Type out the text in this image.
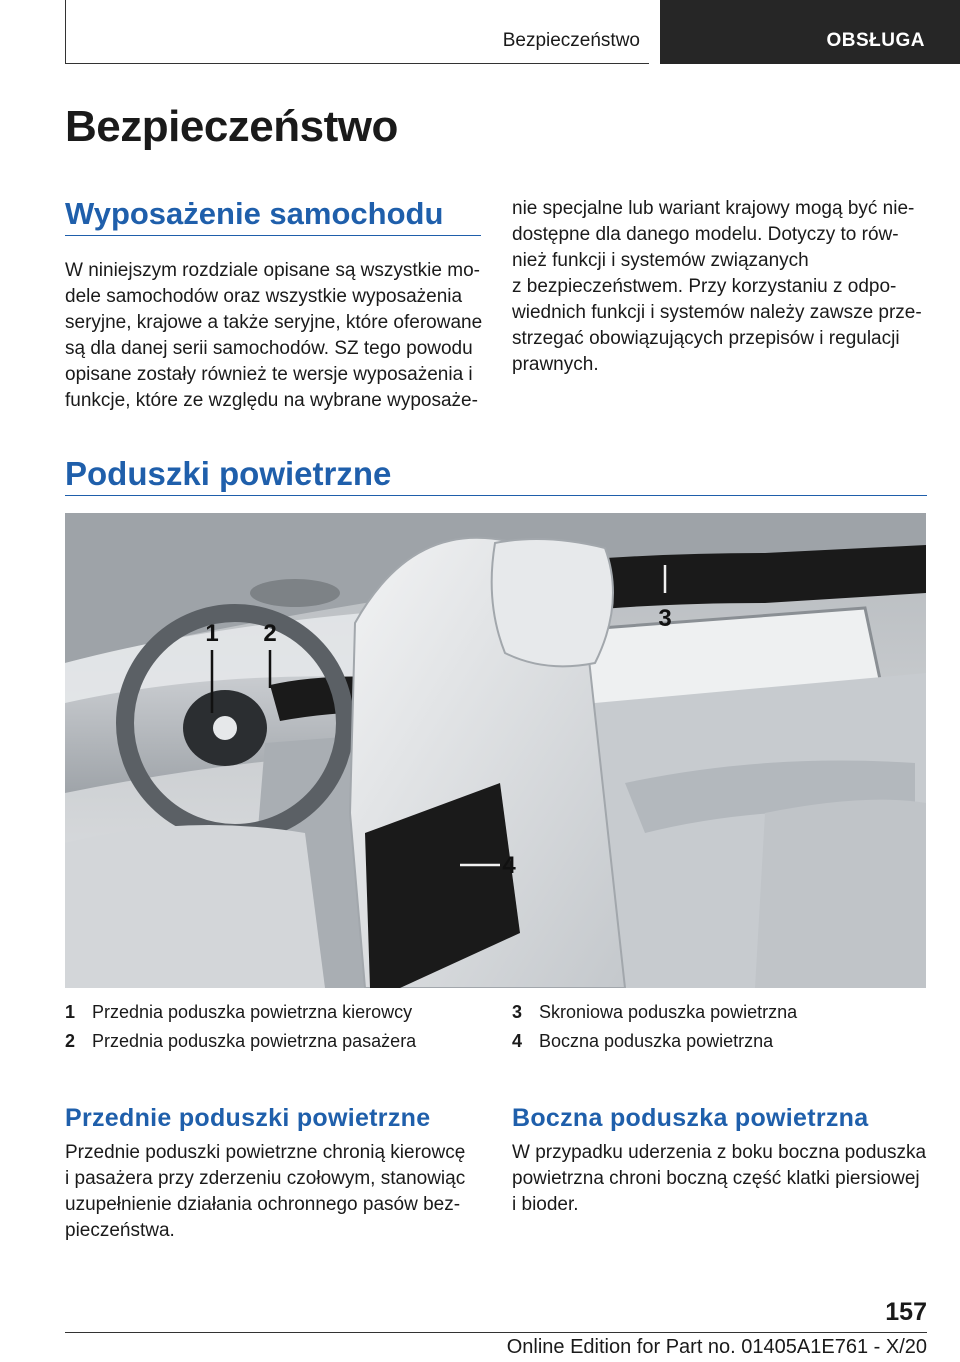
Bezpieczeństwo	OBSŁUGA
Bezpieczeństwo
Wyposażenie samochodu
W niniejszym rozdziale opisane są wszystkie mo-
dele samochodów oraz wszystkie wyposażenia
seryjne, krajowe a także seryjne, które oferowane
są dla danej serii samochodów. SZ tego powodu
opisane zostały również te wersje wyposażenia i
funkcje, które ze względu na wybrane wyposaże-
nie specjalne lub wariant krajowy mogą być nie-
dostępne dla danego modelu. Dotyczy to rów-
nież funkcji i systemów związanych
z bezpieczeństwem. Przy korzystaniu z odpo-
wiednich funkcji i systemów należy zawsze prze-
strzegać obowiązujących przepisów i regulacji
prawnych.
Poduszki powietrzne
1 2
3
4
1 Przednia poduszka powietrzna kierowcy
2 Przednia poduszka powietrzna pasażera
3 Skroniowa poduszka powietrzna
4 Boczna poduszka powietrzna
Przednie poduszki powietrzne
Przednie poduszki powietrzne chronią kierowcę
i pasażera przy zderzeniu czołowym, stanowiąc
uzupełnienie działania ochronnego pasów bez-
pieczeństwa.
Boczna poduszka powietrzna
W przypadku uderzenia z boku boczna poduszka
powietrzna chroni boczną część klatki piersiowej
i bioder.
157
Online Edition for Part no. 01405A1E761 - X/20
